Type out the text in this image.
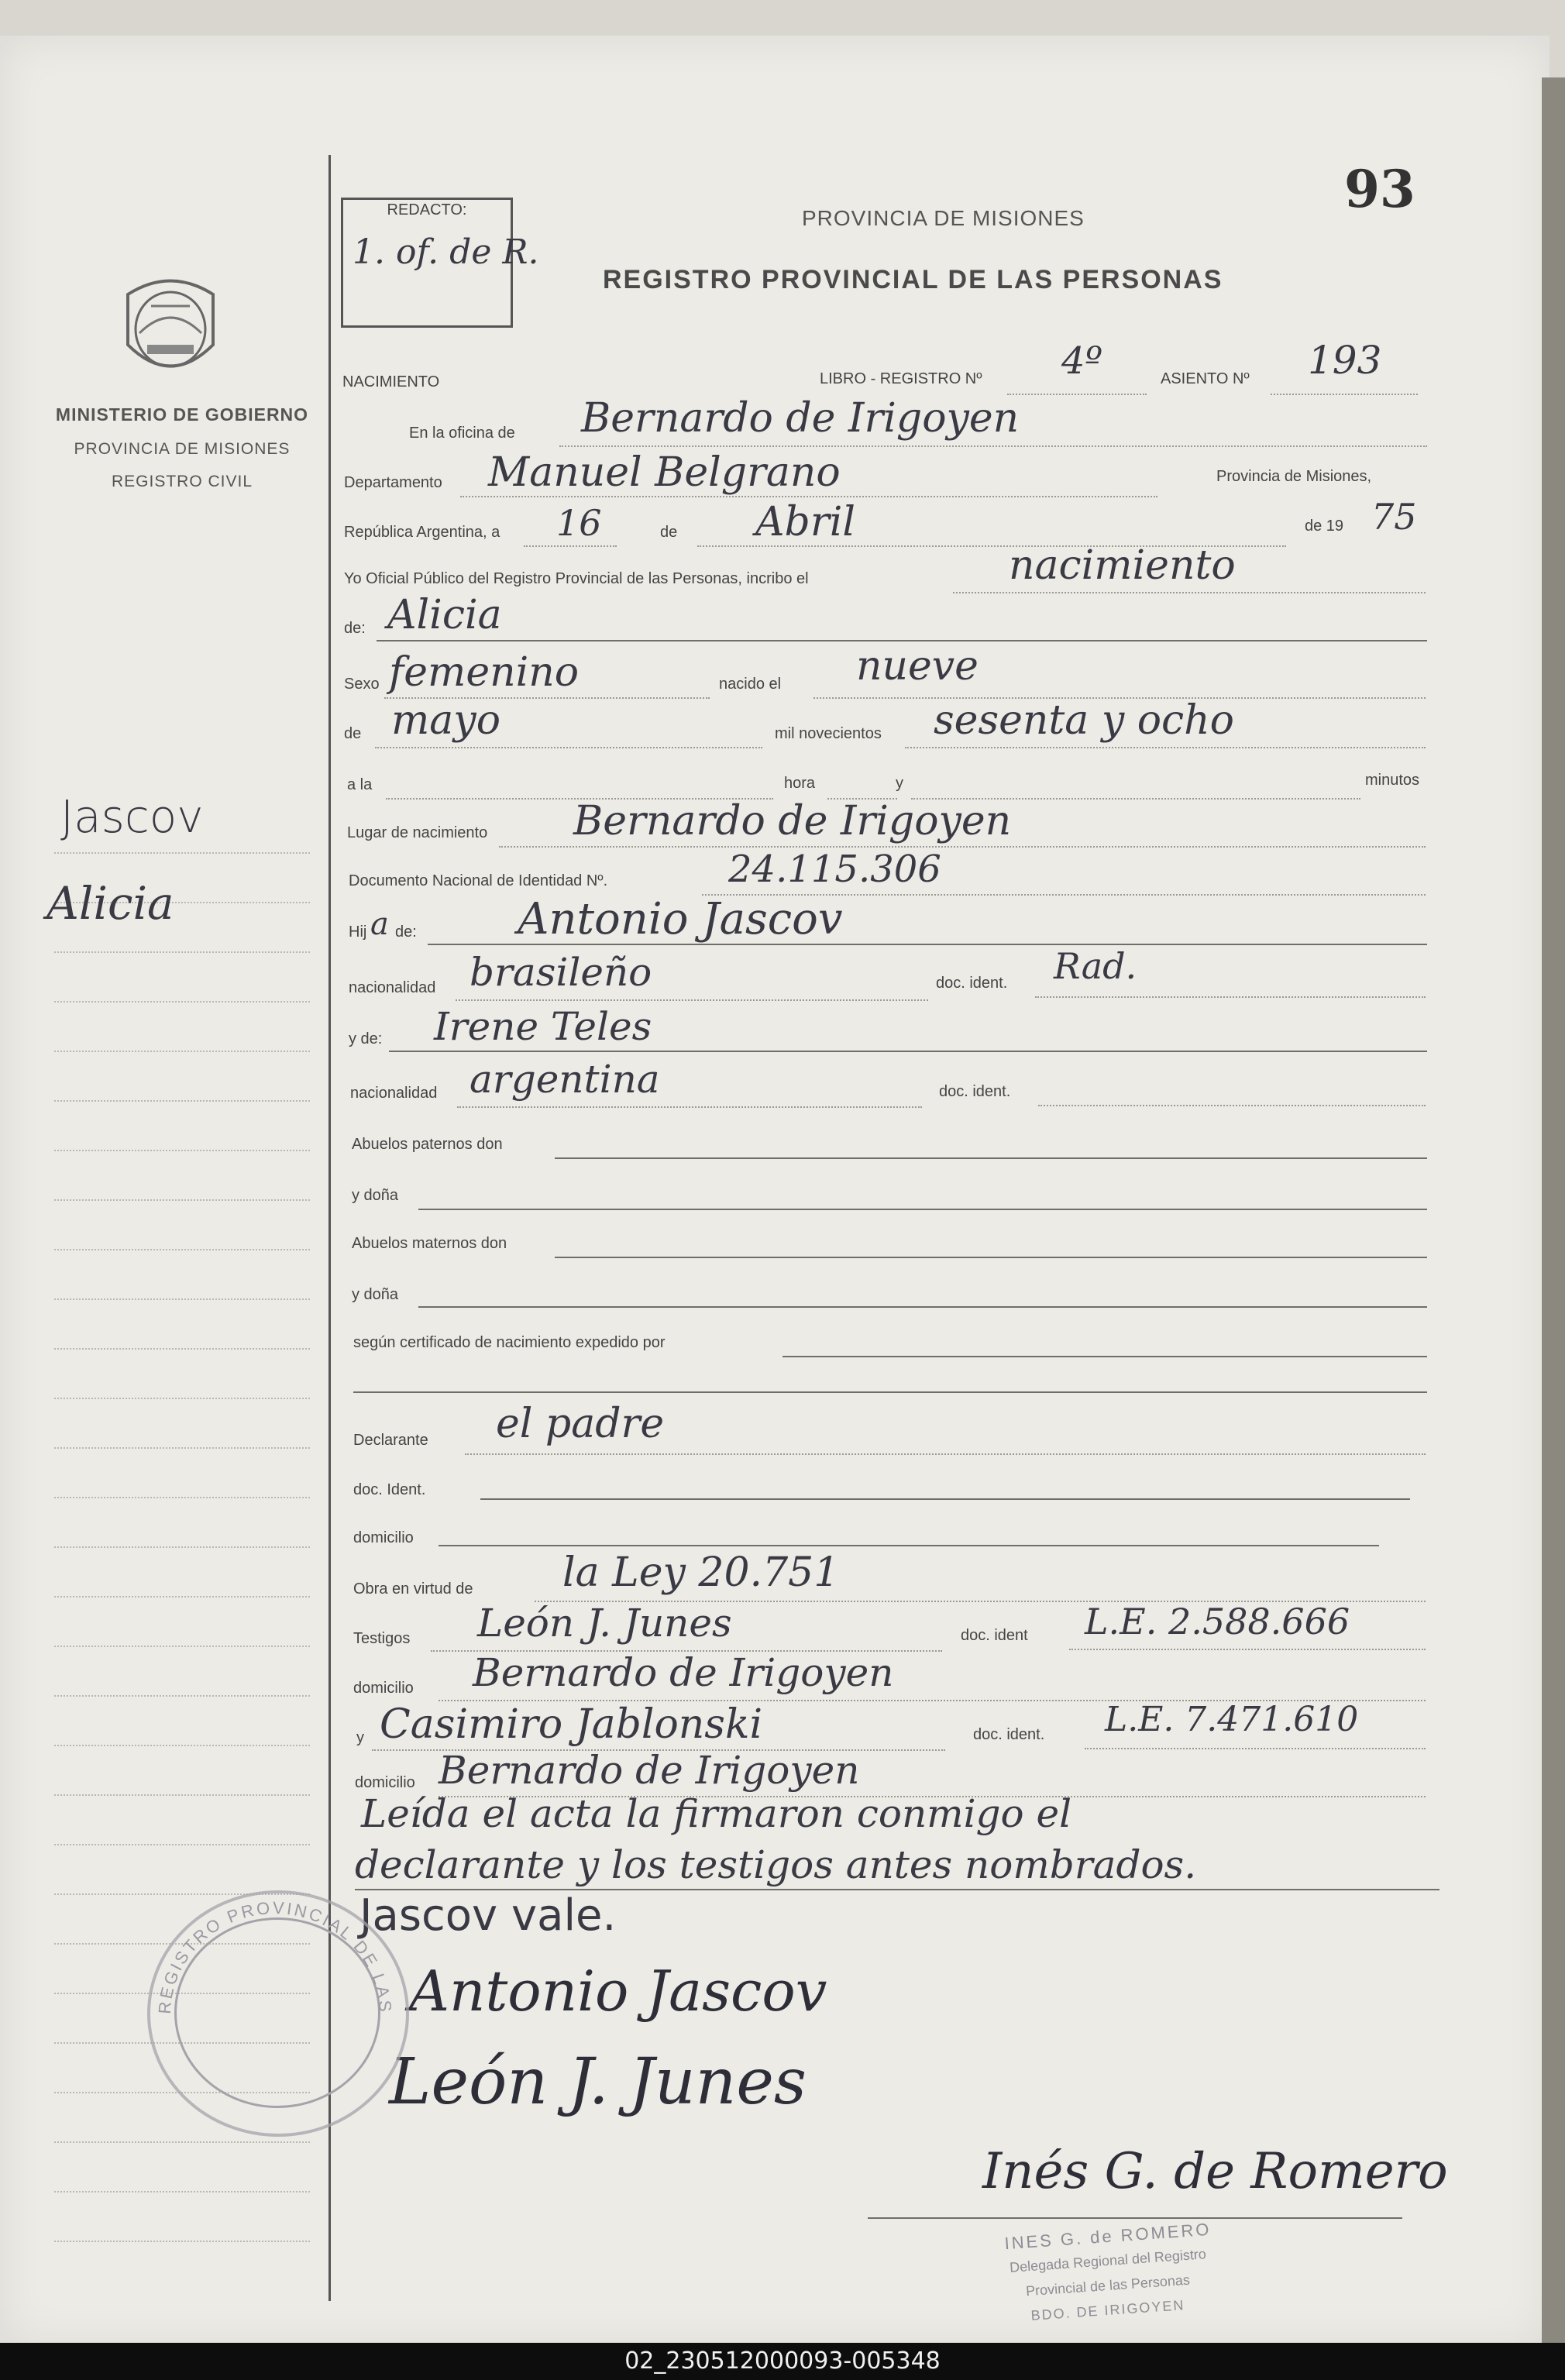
93
REDACTO:
1. of. de R.
MINISTERIO DE GOBIERNO
PROVINCIA DE MISIONES
REGISTRO CIVIL
PROVINCIA DE MISIONES
REGISTRO PROVINCIAL DE LAS PERSONAS
Jascov
Alicia
NACIMIENTO	LIBRO - REGISTRO Nº 4º	ASIENTO Nº 193
En la oficina de Bernardo de Irigoyen
Departamento Manuel Belgrano	Provincia de Misiones,
República Argentina, a 16	de Abril	de 19 75
Yo Oficial Público del Registro Provincial de las Personas, incribo el	nacimiento
de: Alicia
Sexo femenino	nacido el nueve
de mayo	mil novecientos sesenta y ocho
a la	hora	y	minutos
Lugar de nacimiento Bernardo de Irigoyen
Documento Nacional de Identidad Nº.	24.115.306
Hij a de: Antonio Jascov
nacionalidad brasileño	doc. ident. Rad.
y de: Irene Teles
nacionalidad argentina	doc. ident.
Abuelos paternos don
y doña
Abuelos maternos don
y doña
según certificado de nacimiento expedido por
Declarante el padre
doc. Ident.
domicilio
Obra en virtud de la Ley 20.751
Testigos León J. Junes	doc. ident L.E. 2.588.666
domicilio Bernardo de Irigoyen
y Casimiro Jablonski	doc. ident. L.E. 7.471.610
domicilio Bernardo de Irigoyen
Leída el acta la firmaron conmigo el
declarante y los testigos antes nombrados.
Jascov vale.
Antonio Jascov
León J. Junes
Inés G. de Romero
INES G. de ROMERO
Delegada Regional del Registro
Provincial de las Personas
BDO. DE IRIGOYEN
REGISTRO PROVINCIAL DE LAS
02_230512000093-005348
